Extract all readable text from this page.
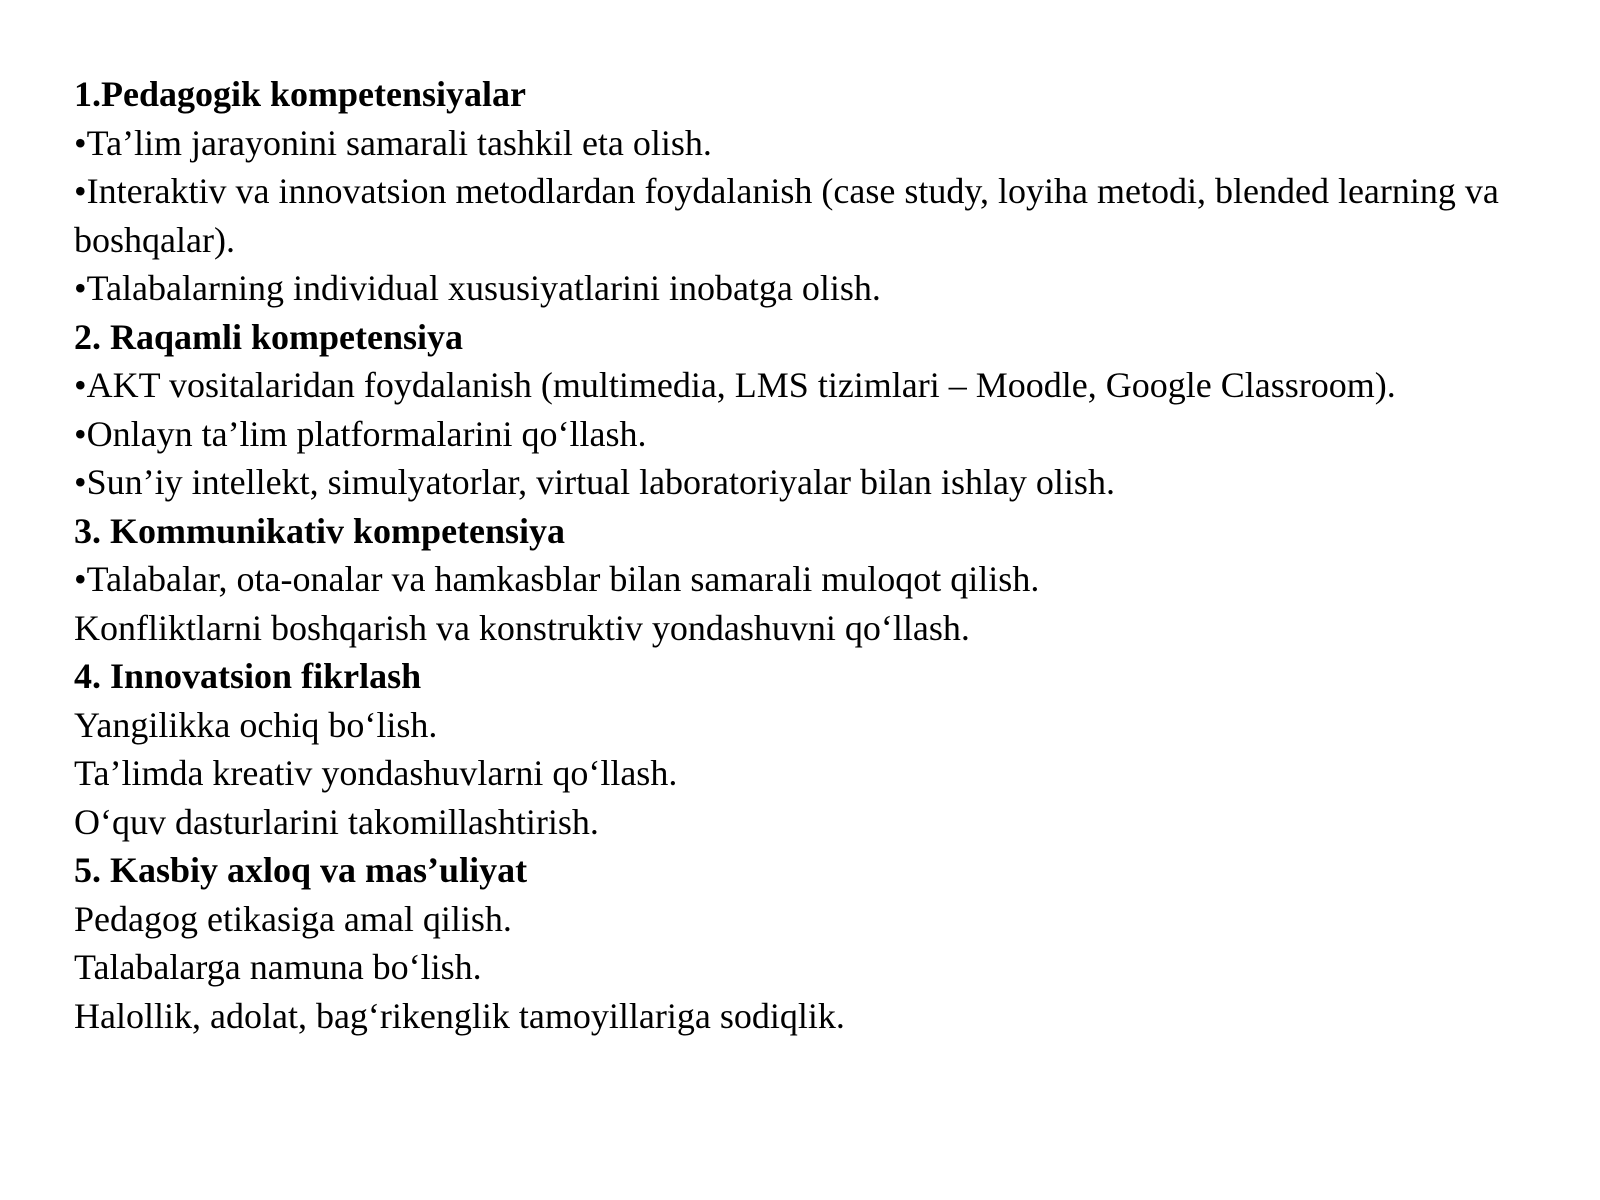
1.Pedagogik kompetensiyalar

•Ta’lim jarayonini samarali tashkil eta olish.

•Interaktiv va innovatsion metodlardan foydalanish (case study, loyiha metodi, blended learning va boshqalar).

•Talabalarning individual xususiyatlarini inobatga olish.

2. Raqamli kompetensiya

•AKT vositalaridan foydalanish (multimedia, LMS tizimlari – Moodle, Google Classroom).

•Onlayn ta’lim platformalarini qo‘llash.

•Sun’iy intellekt, simulyatorlar, virtual laboratoriyalar bilan ishlay olish.

3. Kommunikativ kompetensiya

•Talabalar, ota-onalar va hamkasblar bilan samarali muloqot qilish.

Konfliktlarni boshqarish va konstruktiv yondashuvni qo‘llash.

4. Innovatsion fikrlash

Yangilikka ochiq bo‘lish.

Ta’limda kreativ yondashuvlarni qo‘llash.

O‘quv dasturlarini takomillashtirish.

5. Kasbiy axloq va mas’uliyat

Pedagog etikasiga amal qilish.

Talabalarga namuna bo‘lish.

Halollik, adolat, bag‘rikenglik tamoyillariga sodiqlik.
